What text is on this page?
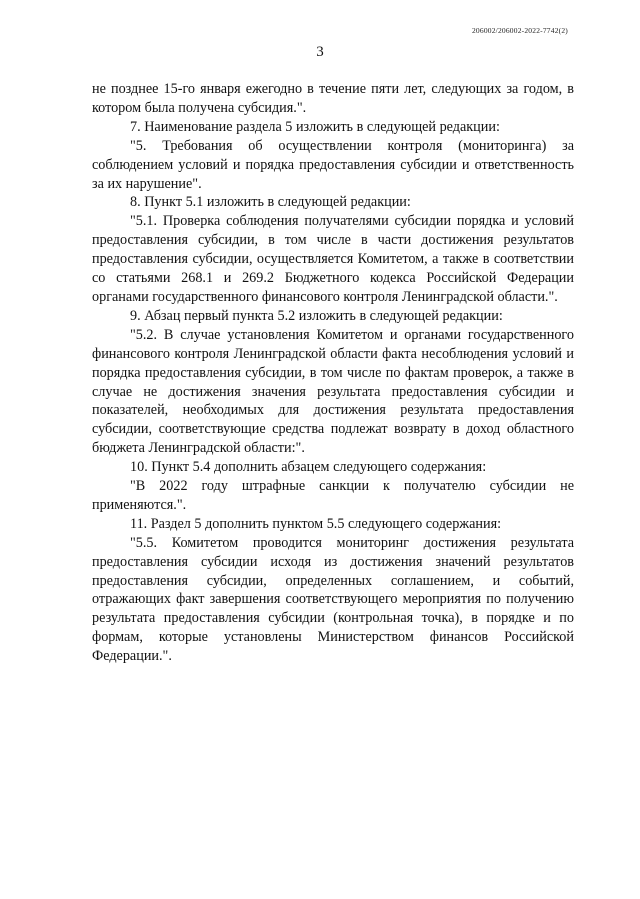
206002/206002-2022-7742(2)
3

не позднее 15-го января ежегодно в течение пяти лет, следующих за годом, в котором была получена субсидия.".

7. Наименование раздела 5 изложить в следующей редакции:

"5. Требования об осуществлении контроля (мониторинга) за соблюдением условий и порядка предоставления субсидии и ответственность за их нарушение".

8. Пункт 5.1 изложить в следующей редакции:

"5.1. Проверка соблюдения получателями субсидии порядка и условий предоставления субсидии, в том числе в части достижения результатов предоставления субсидии, осуществляется Комитетом, а также в соответствии со статьями 268.1 и 269.2 Бюджетного кодекса Российской Федерации органами государственного финансового контроля Ленинградской области.".

9. Абзац первый пункта 5.2 изложить в следующей редакции:

"5.2. В случае установления Комитетом и органами государственного финансового контроля Ленинградской области факта несоблюдения условий и порядка предоставления субсидии, в том числе по фактам проверок, а также в случае не достижения значения результата предоставления субсидии и показателей, необходимых для достижения результата предоставления субсидии, соответствующие средства подлежат возврату в доход областного бюджета Ленинградской области:".

10. Пункт 5.4 дополнить абзацем следующего содержания:

"В 2022 году штрафные санкции к получателю субсидии не применяются.".

11. Раздел 5 дополнить пунктом 5.5 следующего содержания:

"5.5. Комитетом проводится мониторинг достижения результата предоставления субсидии исходя из достижения значений результатов предоставления субсидии, определенных соглашением, и событий, отражающих факт завершения соответствующего мероприятия по получению результата предоставления субсидии (контрольная точка), в порядке и по формам, которые установлены Министерством финансов Российской Федерации.".
